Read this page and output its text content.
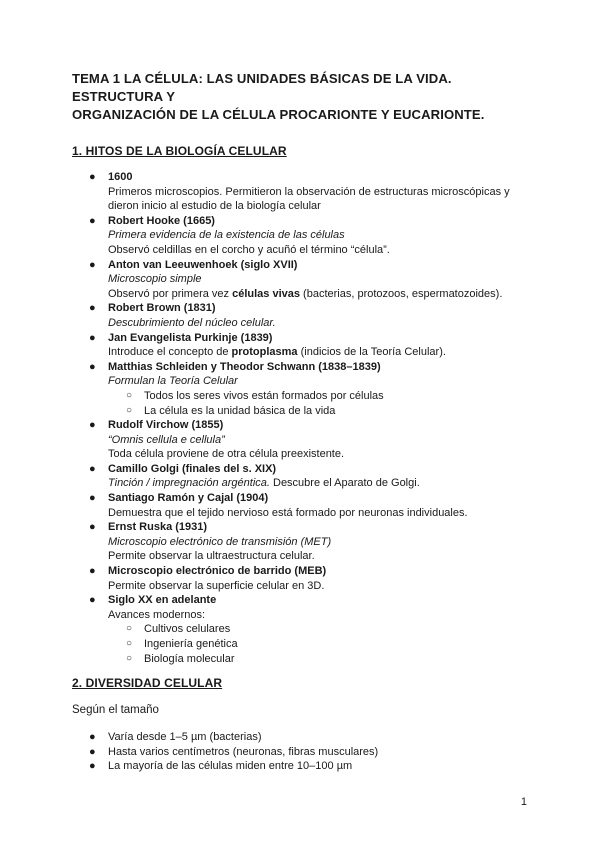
TEMA 1 LA CÉLULA: LAS UNIDADES BÁSICAS DE LA VIDA. ESTRUCTURA Y
ORGANIZACIÓN DE LA CÉLULA PROCARIONTE Y EUCARIONTE.
1. HITOS DE LA BIOLOGÍA CELULAR
● 1600
Primeros microscopios. Permitieron la observación de estructuras microscópicas y
dieron inicio al estudio de la biología celular
● Robert Hooke (1665)
Primera evidencia de la existencia de las células
Observó celdillas en el corcho y acuñó el término “célula”.
● Anton van Leeuwenhoek (siglo XVII)
Microscopio simple
Observó por primera vez células vivas (bacterias, protozoos, espermatozoides).
● Robert Brown (1831)
Descubrimiento del núcleo celular.
● Jan Evangelista Purkinje (1839)
Introduce el concepto de protoplasma (indicios de la Teoría Celular).
● Matthias Schleiden y Theodor Schwann (1838–1839)
Formulan la Teoría Celular
○ Todos los seres vivos están formados por células
○ La célula es la unidad básica de la vida
● Rudolf Virchow (1855)
“Omnis cellula e cellula”
Toda célula proviene de otra célula preexistente.
● Camillo Golgi (finales del s. XIX)
Tinción / impregnación argéntica. Descubre el Aparato de Golgi.
● Santiago Ramón y Cajal (1904)
Demuestra que el tejido nervioso está formado por neuronas individuales.
● Ernst Ruska (1931)
Microscopio electrónico de transmisión (MET)
Permite observar la ultraestructura celular.
● Microscopio electrónico de barrido (MEB)
Permite observar la superficie celular en 3D.
● Siglo XX en adelante
Avances modernos:
○ Cultivos celulares
○ Ingeniería genética
○ Biología molecular
2. DIVERSIDAD CELULAR

Según el tamaño

● Varía desde 1–5 µm (bacterias)
● Hasta varios centímetros (neuronas, fibras musculares)
● La mayoría de las células miden entre 10–100 µm
1
